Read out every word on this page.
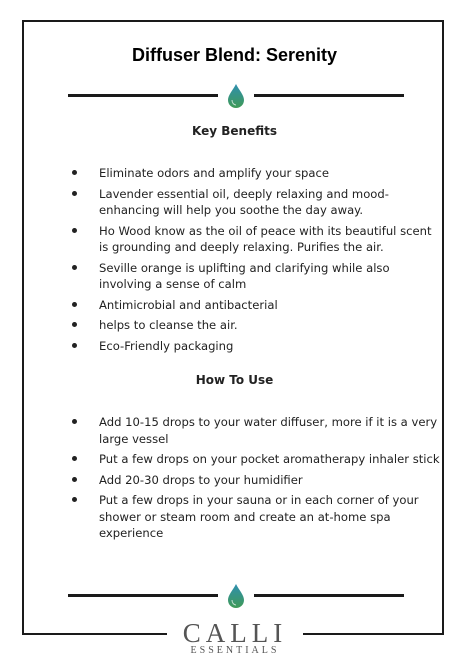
Diffuser Blend: Serenity
Key Benefits
Eliminate odors and amplify your space
Lavender essential oil, deeply relaxing and mood-enhancing will help you soothe the day away.
Ho Wood know as the oil of peace with its beautiful scent is grounding and deeply relaxing. Purifies the air.
Seville orange is uplifting and clarifying while also involving a sense of calm
Antimicrobial and antibacterial
helps to cleanse the air.
Eco-Friendly packaging
How To Use
Add 10-15 drops to your water diffuser, more if it is a very large vessel
Put a few drops on your pocket aromatherapy inhaler stick
Add 20-30 drops to your humidifier
Put a few drops in your sauna or in each corner of your shower or steam room and create an at-home spa experience
CALLI
ESSENTIALS
